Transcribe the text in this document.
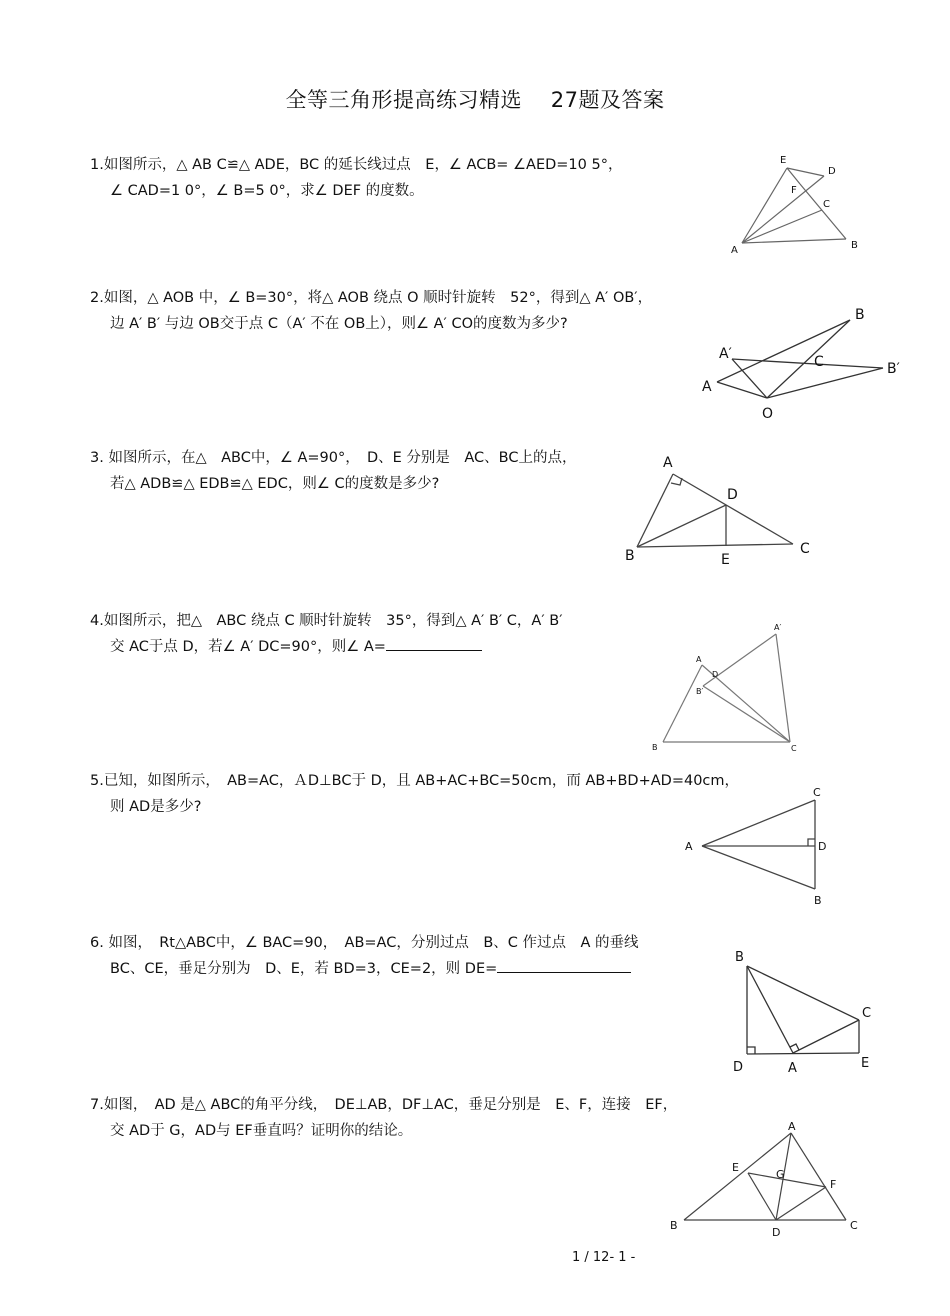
全等三角形提高练习精选　 27题及答案
1.如图所示，△ AB C≌△ ADE，BC 的延长线过点　E，∠ ACB= ∠AED=10 5°，
∠ CAD=1 0°，∠ B=5 0°，求∠ DEF 的度数。
E
D
F
C
A	B
2.如图，△ AOB 中，∠ B=30°，将△ AOB 绕点 O 顺时针旋转　52°，得到△ A′ OB′，
边 A′ B′ 与边 OB交于点 C（A′ 不在 OB上），则∠ A′ CO的度数为多少?
B
A′	C	B′
A
O
3. 如图所示，在△　ABC中，∠ A=90°，　D、E 分别是　AC、BC上的点，
若△ ADB≌△ EDB≌△ EDC，则∠ C的度数是多少?
A
D
B	E
C
4.如图所示，把△　ABC 绕点 C 顺时针旋转　35°，得到△ A′ B′ C，A′ B′
交 AC于点 D，若∠ A′ DC=90°，则∠ A=
A′
A
D
B′
B	C
5.已知，如图所示，　AB=AC，ＡD⊥BC于 D，且 AB+AC+BC=50cm，而 AB+BD+AD=40cm，
则 AD是多少?
C
A	D
B
6. 如图，　Rt△ABC中，∠ BAC=90，　AB=AC，分别过点　B、C 作过点　A 的垂线
BC、CE，垂足分别为　D、E，若 BD=3，CE=2，则 DE=
B
C
D	A	E
7.如图，　AD 是△ ABC的角平分线，　DE⊥AB，DF⊥AC，垂足分别是　E、F，连接　EF，
交 AD于 G，AD与 EF垂直吗？证明你的结论。	A
E
G
F
B
D
C
1 / 12- 1 -
